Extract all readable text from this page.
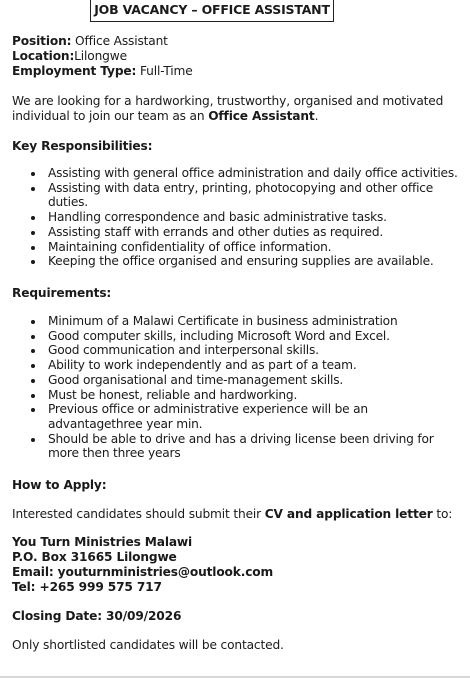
JOB VACANCY – OFFICE ASSISTANT
Position: Office Assistant
Location:Lilongwe
Employment Type: Full-Time
We are looking for a hardworking, trustworthy, organised and motivated individual to join our team as an Office Assistant.
Key Responsibilities:
Assisting with general office administration and daily office activities.
Assisting with data entry, printing, photocopying and other office duties.
Handling correspondence and basic administrative tasks.
Assisting staff with errands and other duties as required.
Maintaining confidentiality of office information.
Keeping the office organised and ensuring supplies are available.
Requirements:
Minimum of a Malawi Certificate in business administration
Good computer skills, including Microsoft Word and Excel.
Good communication and interpersonal skills.
Ability to work independently and as part of a team.
Good organisational and time-management skills.
Must be honest, reliable and hardworking.
Previous office or administrative experience will be an advantagethree year min.
Should be able to drive and has a driving license been driving for more then three years
How to Apply:
Interested candidates should submit their CV and application letter to:
You Turn Ministries Malawi
P.O. Box 31665 Lilongwe
Email: youturnministries@outlook.com
Tel: +265 999 575 717
Closing Date: 30/09/2026
Only shortlisted candidates will be contacted.
